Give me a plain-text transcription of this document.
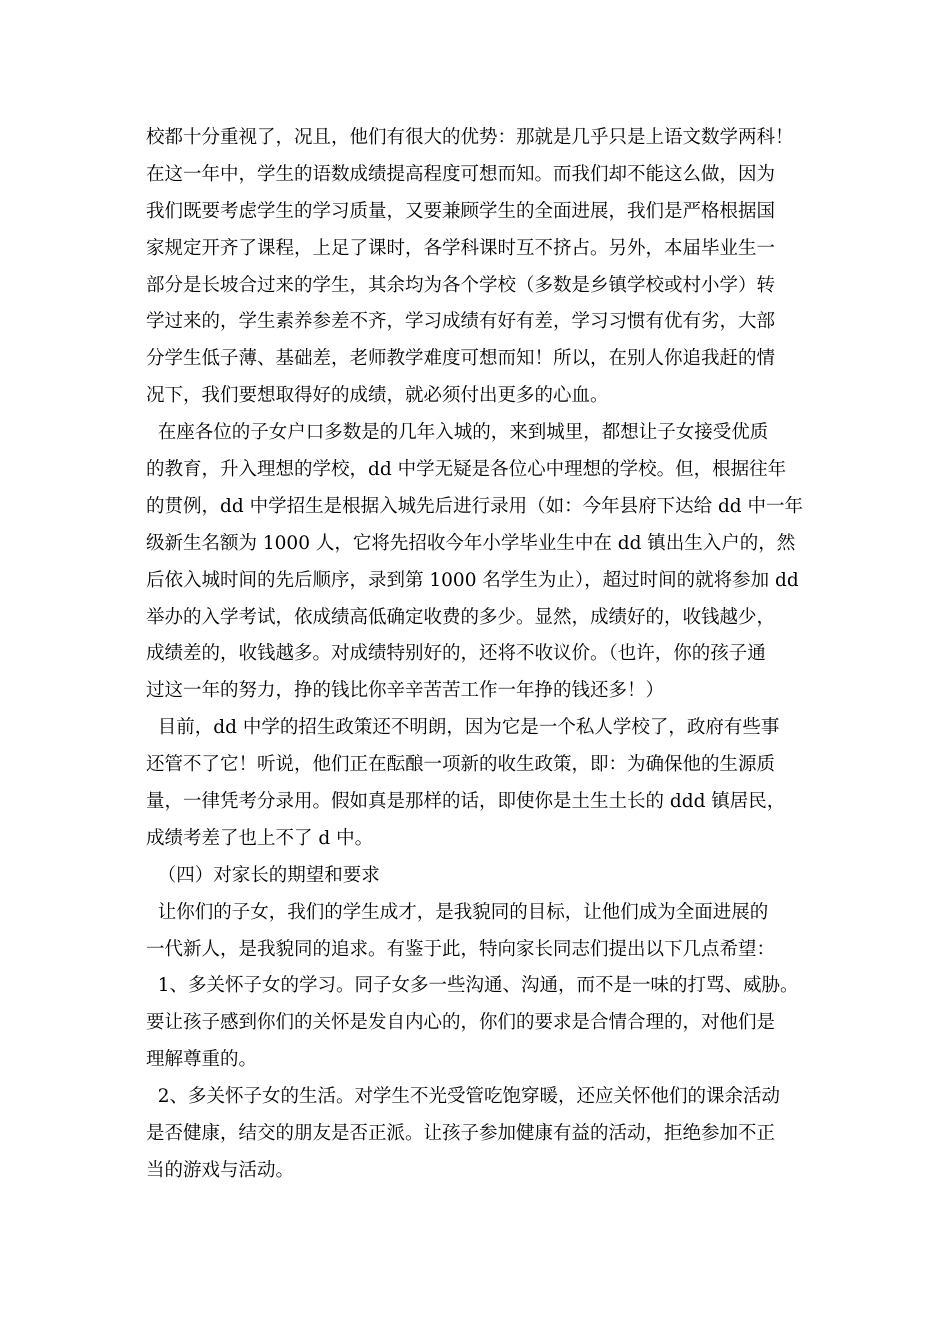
校都十分重视了，况且，他们有很大的优势：那就是几乎只是上语文数学两科！
在这一年中，学生的语数成绩提高程度可想而知。而我们却不能这么做，因为
我们既要考虑学生的学习质量，又要兼顾学生的全面进展，我们是严格根据国
家规定开齐了课程，上足了课时，各学科课时互不挤占。另外，本届毕业生一
部分是长坡合过来的学生，其余均为各个学校（多数是乡镇学校或村小学）转
学过来的，学生素养参差不齐，学习成绩有好有差，学习习惯有优有劣，大部
分学生低子薄、基础差，老师教学难度可想而知！所以，在别人你追我赶的情
况下，我们要想取得好的成绩，就必须付出更多的心血。
在座各位的子女户口多数是的几年入城的，来到城里，都想让子女接受优质
的教育，升入理想的学校，dd 中学无疑是各位心中理想的学校。但，根据往年
的贯例，dd 中学招生是根据入城先后进行录用（如：今年县府下达给 dd 中一年
级新生名额为 1000 人，它将先招收今年小学毕业生中在 dd 镇出生入户的，然
后依入城时间的先后顺序，录到第 1000 名学生为止），超过时间的就将参加 dd
举办的入学考试，依成绩高低确定收费的多少。显然，成绩好的，收钱越少，
成绩差的，收钱越多。对成绩特别好的，还将不收议价。（也许，你的孩子通
过这一年的努力，挣的钱比你辛辛苦苦工作一年挣的钱还多！）
目前，dd 中学的招生政策还不明朗，因为它是一个私人学校了，政府有些事
还管不了它！听说，他们正在酝酿一项新的收生政策，即：为确保他的生源质
量，一律凭考分录用。假如真是那样的话，即使你是土生土长的 ddd 镇居民，
成绩考差了也上不了 d 中。
（四）对家长的期望和要求
让你们的子女，我们的学生成才，是我貌同的目标，让他们成为全面进展的
一代新人，是我貌同的追求。有鉴于此，特向家长同志们提出以下几点希望：
1、多关怀子女的学习。同子女多一些沟通、沟通，而不是一味的打骂、威胁。
要让孩子感到你们的关怀是发自内心的，你们的要求是合情合理的，对他们是
理解尊重的。
2、多关怀子女的生活。对学生不光受管吃饱穿暖，还应关怀他们的课余活动
是否健康，结交的朋友是否正派。让孩子参加健康有益的活动，拒绝参加不正
当的游戏与活动。
